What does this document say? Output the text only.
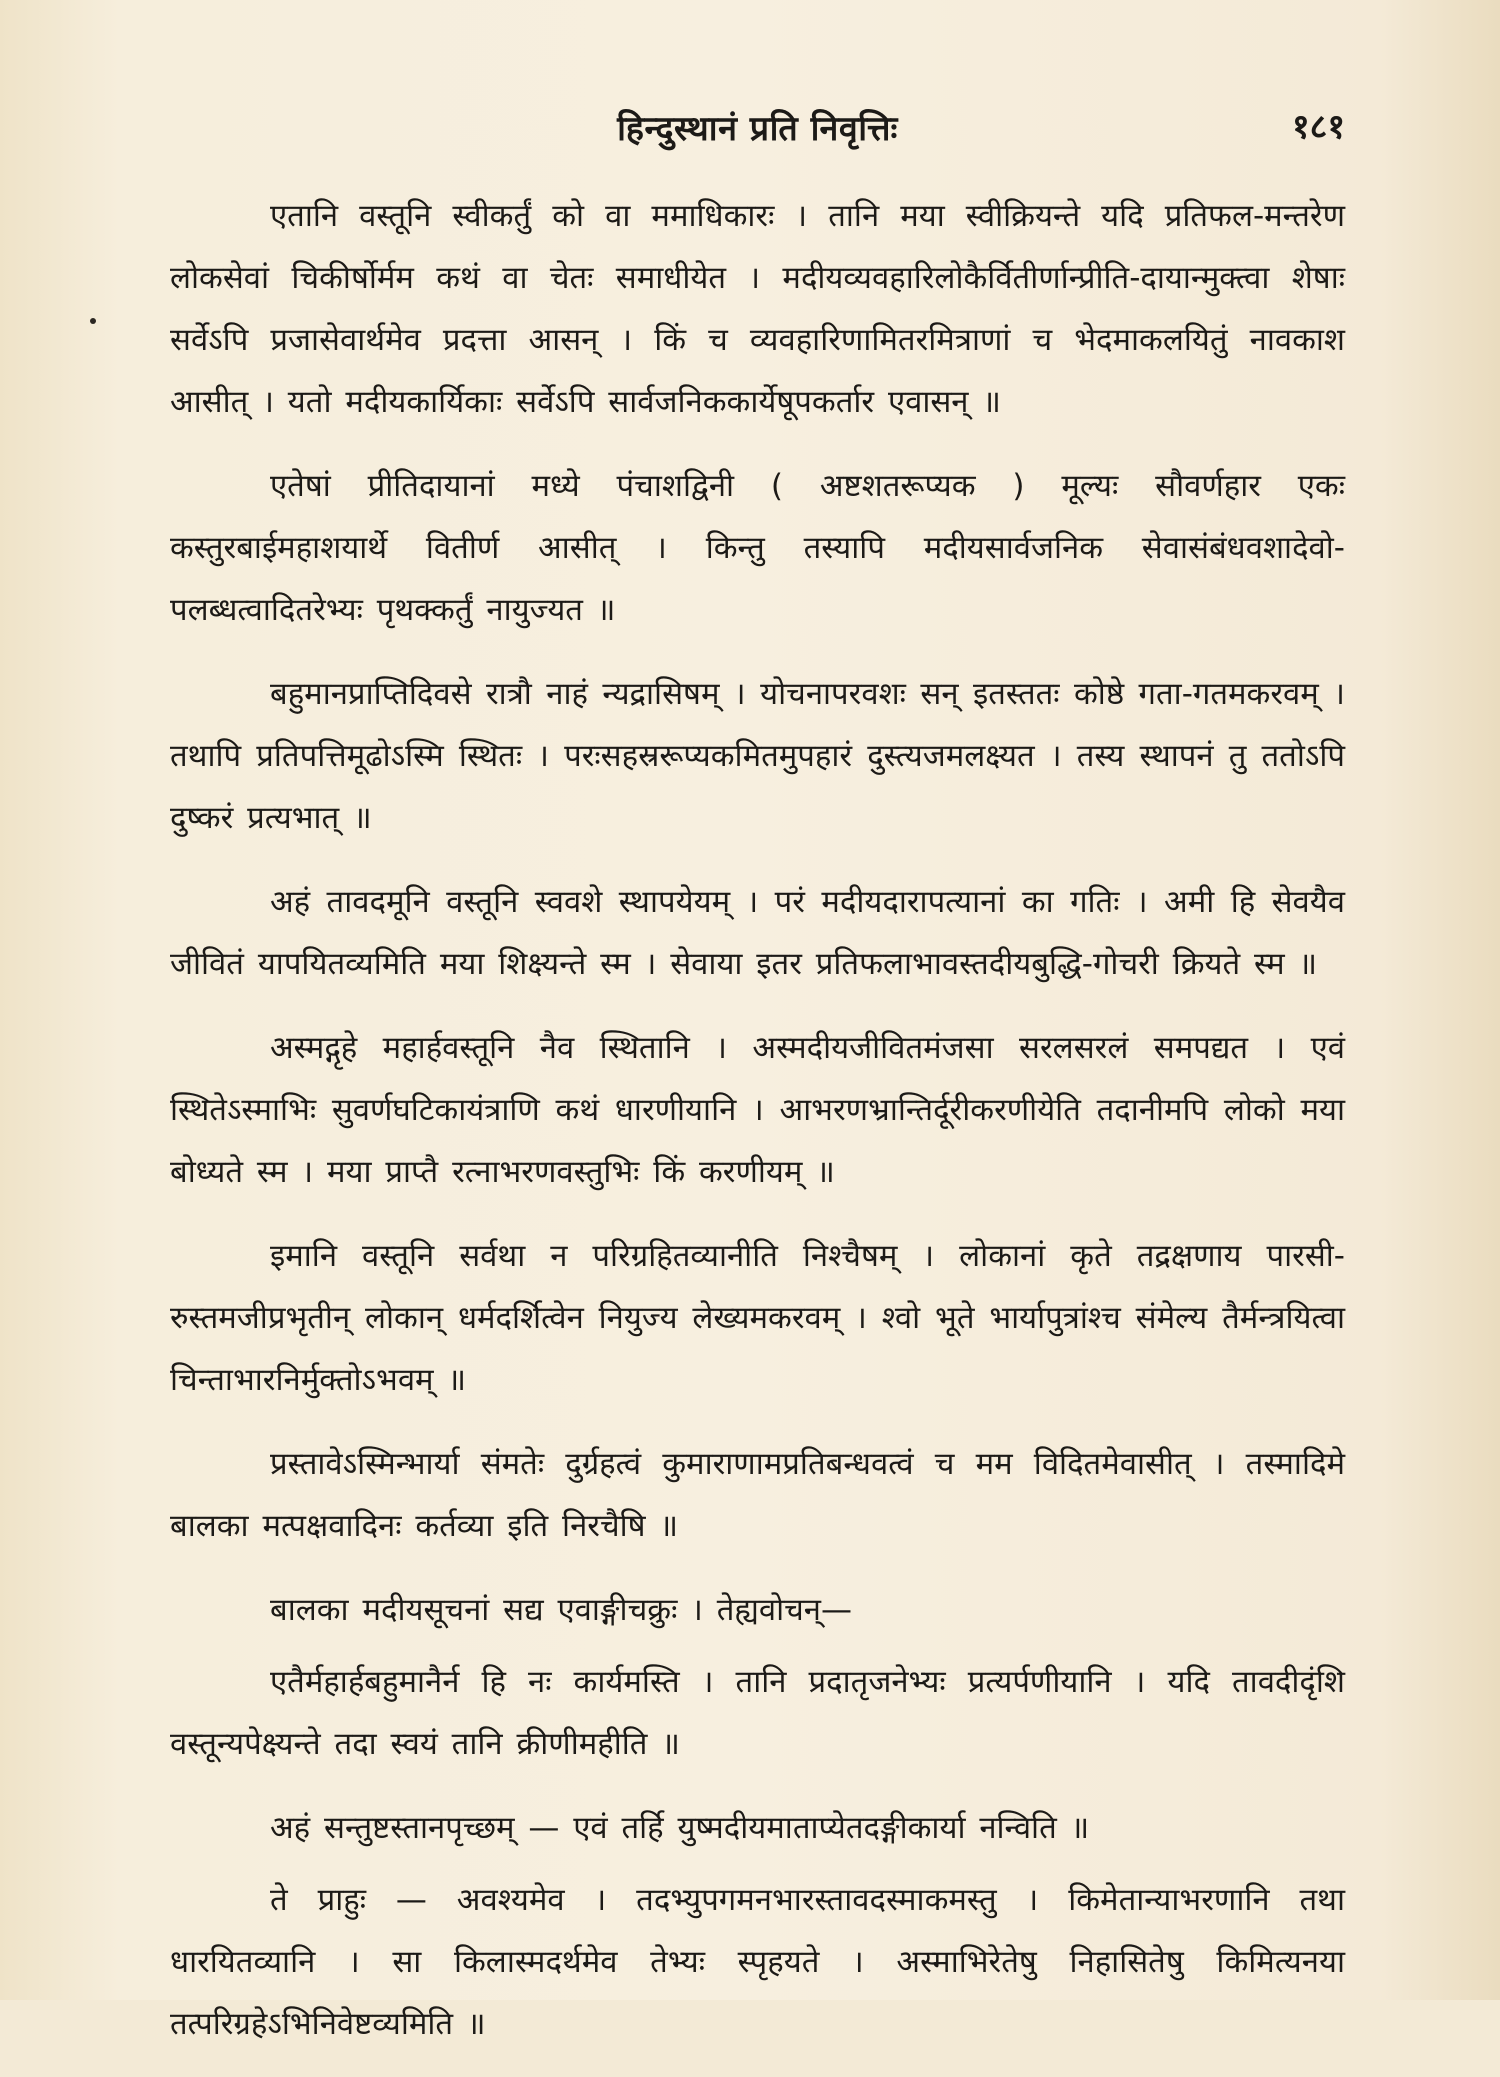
हिन्दुस्थानं प्रति निवृत्तिः	१८१

एतानि वस्तूनि स्वीकर्तुं को वा ममाधिकारः । तानि मया स्वीक्रियन्ते यदि प्रतिफल-मन्तरेण लोकसेवां चिकीर्षोर्मम कथं वा चेतः समाधीयेत । मदीयव्यवहारिलोकैर्वितीर्णान्प्रीति-दायान्मुक्त्वा शेषाः सर्वेऽपि प्रजासेवार्थमेव प्रदत्ता आसन् । किं च व्यवहारिणामितरमित्राणां च भेदमाकलयितुं नावकाश आसीत् । यतो मदीयकार्यिकाः सर्वेऽपि सार्वजनिककार्येषूपकर्तार एवासन् ॥

एतेषां प्रीतिदायानां मध्ये पंचाशद्विनी ( अष्टशतरूप्यक ) मूल्यः सौवर्णहार एकः कस्तुरबाईमहाशयार्थे वितीर्ण आसीत् । किन्तु तस्यापि मदीयसार्वजनिक सेवासंबंधवशादेवो-पलब्धत्वादितरेभ्यः पृथक्कर्तुं नायुज्यत ॥

बहुमानप्राप्तिदिवसे रात्रौ नाहं न्यद्रासिषम् । योचनापरवशः सन् इतस्ततः कोष्ठे गता-गतमकरवम् । तथापि प्रतिपत्तिमूढोऽस्मि स्थितः । परःसहस्ररूप्यकमितमुपहारं दुस्त्यजमलक्ष्यत । तस्य स्थापनं तु ततोऽपि दुष्करं प्रत्यभात् ॥

अहं तावदमूनि वस्तूनि स्ववशे स्थापयेयम् । परं मदीयदारापत्यानां का गतिः । अमी हि सेवयैव जीवितं यापयितव्यमिति मया शिक्ष्यन्ते स्म । सेवाया इतर प्रतिफलाभावस्तदीयबुद्धि-गोचरी क्रियते स्म ॥

अस्मद्गृहे महार्हवस्तूनि नैव स्थितानि । अस्मदीयजीवितमंजसा सरलसरलं समपद्यत । एवं स्थितेऽस्माभिः सुवर्णघटिकायंत्राणि कथं धारणीयानि । आभरणभ्रान्तिर्दूरीकरणीयेति तदानीमपि लोको मया बोध्यते स्म । मया प्राप्तै रत्नाभरणवस्तुभिः किं करणीयम् ॥

इमानि वस्तूनि सर्वथा न परिग्रहितव्यानीति निश्चैषम् । लोकानां कृते तद्रक्षणाय पारसी-रुस्तमजीप्रभृतीन् लोकान् धर्मदर्शित्वेन नियुज्य लेख्यमकरवम् । श्वो भूते भार्यापुत्रांश्च संमेल्य तैर्मन्त्रयित्वा चिन्ताभारनिर्मुक्तोऽभवम् ॥

प्रस्तावेऽस्मिन्भार्या संमतेः दुर्ग्रहत्वं कुमाराणामप्रतिबन्धवत्वं च मम विदितमेवासीत् । तस्मादिमे बालका मत्पक्षवादिनः कर्तव्या इति निरचैषि ॥

बालका मदीयसूचनां सद्य एवाङ्गीचक्रुः । तेह्यवोचन्—

एतैर्महार्हबहुमानैर्न हि नः कार्यमस्ति । तानि प्रदातृजनेभ्यः प्रत्यर्पणीयानि । यदि तावदीदृंशि वस्तून्यपेक्ष्यन्ते तदा स्वयं तानि क्रीणीमहीति ॥

अहं सन्तुष्टस्तानपृच्छम् — एवं तर्हि युष्मदीयमाताप्येतदङ्गीकार्या नन्विति ॥

ते प्राहुः — अवश्यमेव । तदभ्युपगमनभारस्तावदस्माकमस्तु । किमेतान्याभरणानि तथा धारयितव्यानि । सा किलास्मदर्थमेव तेभ्यः स्पृहयते । अस्माभिरेतेषु निहासितेषु किमित्यनया तत्परिग्रहेऽभिनिवेष्टव्यमिति ॥
